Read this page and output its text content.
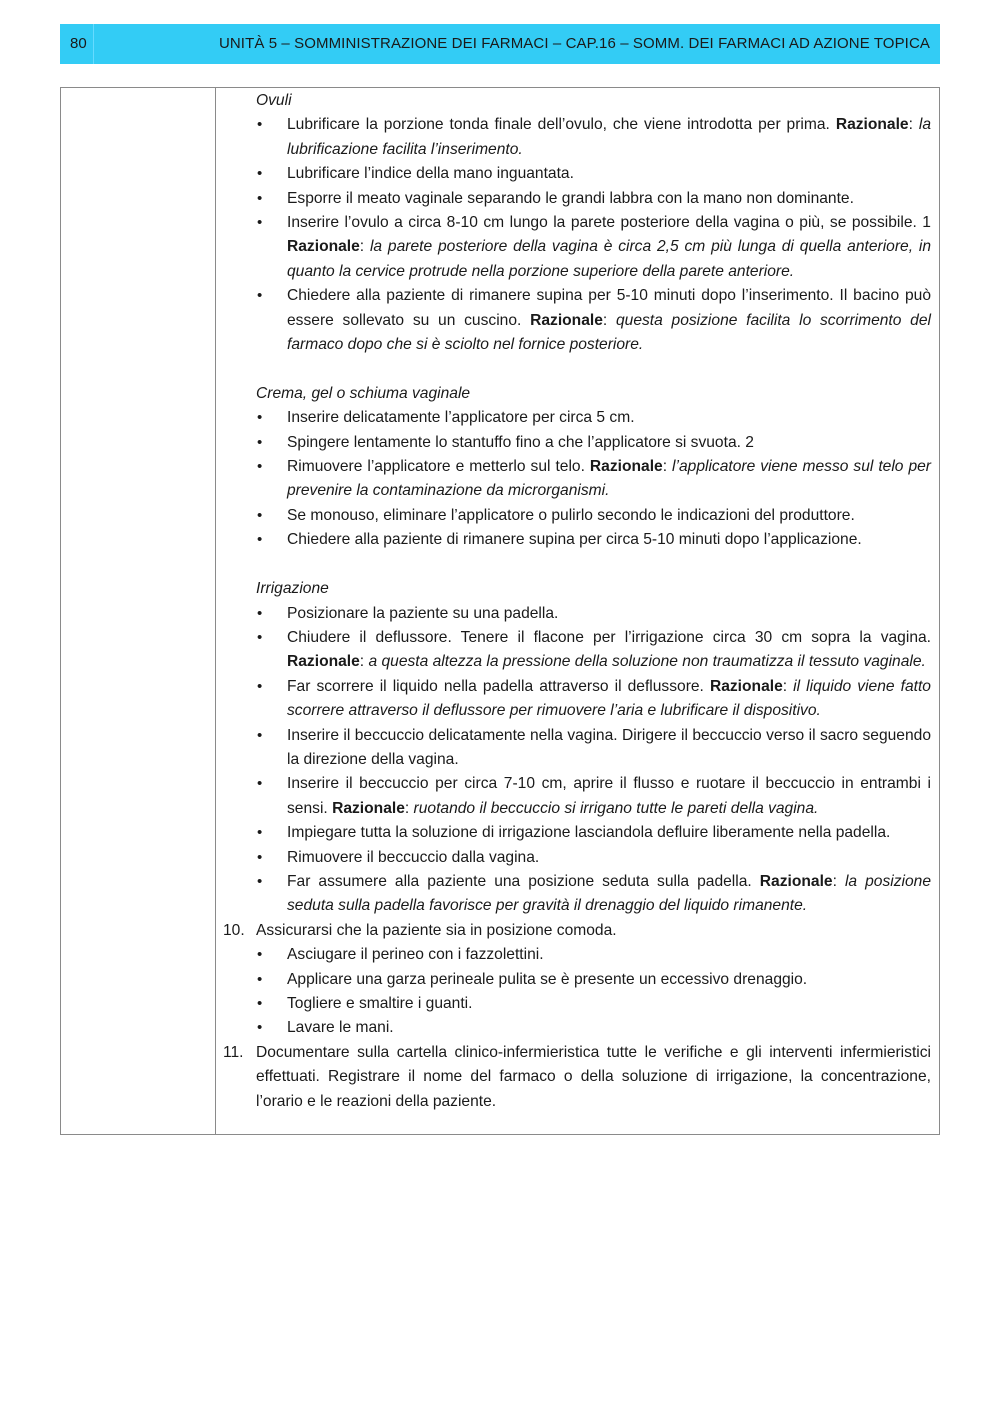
80	UNITÀ 5 – SOMMINISTRAZIONE DEI FARMACI – CAP.16 – SOMM. DEI FARMACI AD AZIONE TOPICA
Ovuli
• Lubrificare la porzione tonda finale dell’ovulo, che viene introdotta per prima. Razionale: la lubrificazione facilita l’inserimento.
• Lubrificare l’indice della mano inguantata.
• Esporre il meato vaginale separando le grandi labbra con la mano non dominante.
• Inserire l’ovulo a circa 8-10 cm lungo la parete posteriore della vagina o più, se possibile. 1 Razionale: la parete posteriore della vagina è circa 2,5 cm più lunga di quella anteriore, in quanto la cervice protrude nella porzione superiore della parete anteriore.
• Chiedere alla paziente di rimanere supina per 5-10 minuti dopo l’inserimento. Il bacino può essere sollevato su un cuscino. Razionale: questa posizione facilita lo scorrimento del farmaco dopo che si è sciolto nel fornice posteriore.
Crema, gel o schiuma vaginale
• Inserire delicatamente l’applicatore per circa 5 cm.
• Spingere lentamente lo stantuffo fino a che l’applicatore si svuota. 2
• Rimuovere l’applicatore e metterlo sul telo. Razionale: l’applicatore viene messo sul telo per prevenire la contaminazione da microrganismi.
• Se monouso, eliminare l’applicatore o pulirlo secondo le indicazioni del produttore.
• Chiedere alla paziente di rimanere supina per circa 5-10 minuti dopo l’applicazione.
Irrigazione
• Posizionare la paziente su una padella.
• Chiudere il deflussore. Tenere il flacone per l’irrigazione circa 30 cm sopra la vagina. Razionale: a questa altezza la pressione della soluzione non traumatizza il tessuto vaginale.
• Far scorrere il liquido nella padella attraverso il deflussore. Razionale: il liquido viene fatto scorrere attraverso il deflussore per rimuovere l’aria e lubrificare il dispositivo.
• Inserire il beccuccio delicatamente nella vagina. Dirigere il beccuccio verso il sacro seguendo la direzione della vagina.
• Inserire il beccuccio per circa 7-10 cm, aprire il flusso e ruotare il beccuccio in entrambi i sensi. Razionale: ruotando il beccuccio si irrigano tutte le pareti della vagina.
• Impiegare tutta la soluzione di irrigazione lasciandola defluire liberamente nella padella.
• Rimuovere il beccuccio dalla vagina.
• Far assumere alla paziente una posizione seduta sulla padella. Razionale: la posizione seduta sulla padella favorisce per gravità il drenaggio del liquido rimanente.
10. Assicurarsi che la paziente sia in posizione comoda.
• Asciugare il perineo con i fazzolettini.
• Applicare una garza perineale pulita se è presente un eccessivo drenaggio.
• Togliere e smaltire i guanti.
• Lavare le mani.
11. Documentare sulla cartella clinico-infermieristica tutte le verifiche e gli interventi infermieristici effettuati. Registrare il nome del farmaco o della soluzione di irrigazione, la concentrazione, l’orario e le reazioni della paziente.
